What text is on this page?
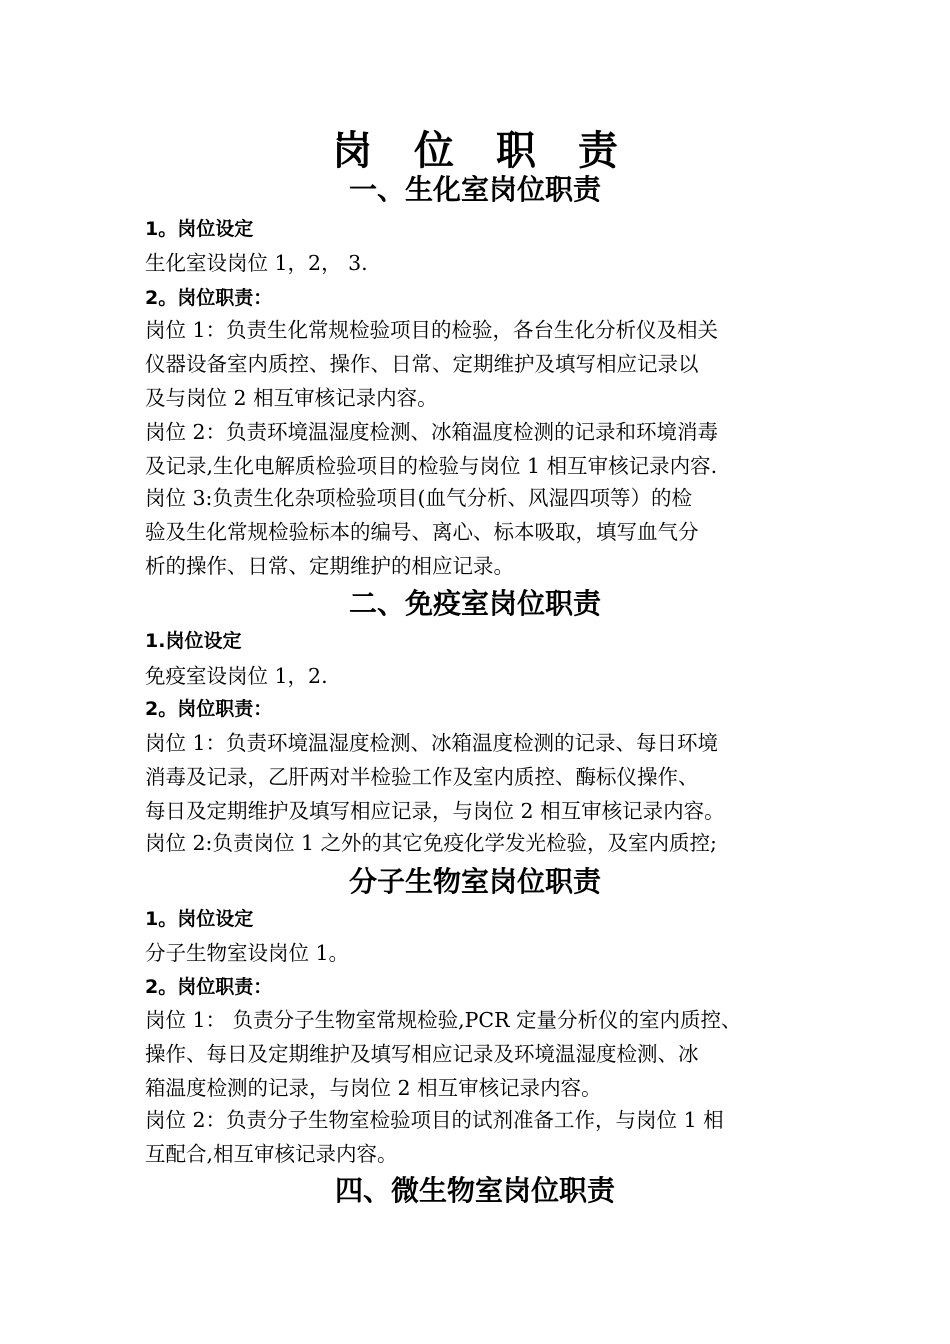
岗 位 职 责
一、生化室岗位职责
1。岗位设定
生化室设岗位 1，2， 3.
2。岗位职责：
岗位 1：负责生化常规检验项目的检验，各台生化分析仪及相关
仪器设备室内质控、操作、日常、定期维护及填写相应记录以
及与岗位 2 相互审核记录内容。
岗位 2：负责环境温湿度检测、冰箱温度检测的记录和环境消毒
及记录,生化电解质检验项目的检验与岗位 1 相互审核记录内容.
岗位 3:负责生化杂项检验项目(血气分析、风湿四项等）的检
验及生化常规检验标本的编号、离心、标本吸取，填写血气分
析的操作、日常、定期维护的相应记录。
二、免疫室岗位职责
1.岗位设定
免疫室设岗位 1，2.
2。岗位职责：
岗位 1：负责环境温湿度检测、冰箱温度检测的记录、每日环境
消毒及记录，乙肝两对半检验工作及室内质控、酶标仪操作、
每日及定期维护及填写相应记录，与岗位 2 相互审核记录内容。
岗位 2:负责岗位 1 之外的其它免疫化学发光检验，及室内质控;
分子生物室岗位职责
1。岗位设定
分子生物室设岗位 1。
2。岗位职责：
岗位 1： 负责分子生物室常规检验,PCR 定量分析仪的室内质控、
操作、每日及定期维护及填写相应记录及环境温湿度检测、冰
箱温度检测的记录，与岗位 2 相互审核记录内容。
岗位 2：负责分子生物室检验项目的试剂准备工作，与岗位 1 相
互配合,相互审核记录内容。
四、微生物室岗位职责
